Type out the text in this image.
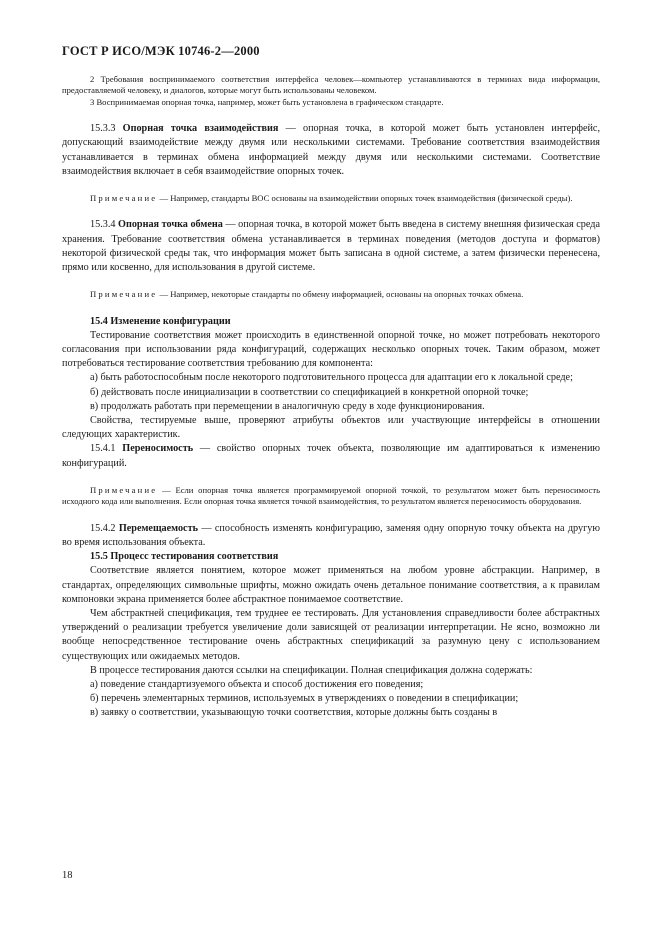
ГОСТ Р ИСО/МЭК 10746-2—2000

2 Требования воспринимаемого соответствия интерфейса человек—компьютер устанавливаются в терминах вида информации, предоставляемой человеку, и диалогов, которые могут быть использованы человеком.

3 Воспринимаемая опорная точка, например, может быть установлена в графическом стандарте.

15.3.3 Опорная точка взаимодействия — опорная точка, в которой может быть установлен интерфейс, допускающий взаимодействие между двумя или несколькими системами. Требование соответствия взаимодействия устанавливается в терминах обмена информацией между двумя или несколькими системами. Соответствие взаимодействия включает в себя взаимодействие опорных точек.

Примечание — Например, стандарты ВОС основаны на взаимодействии опорных точек взаимодействия (физической среды).

15.3.4 Опорная точка обмена — опорная точка, в которой может быть введена в систему внешняя физическая среда хранения. Требование соответствия обмена устанавливается в терминах поведения (методов доступа и форматов) некоторой физической среды так, что информация может быть записана в одной системе, а затем физически перенесена, прямо или косвенно, для использования в другой системе.

Примечание — Например, некоторые стандарты по обмену информацией, основаны на опорных точках обмена.

15.4 Изменение конфигурации

Тестирование соответствия может происходить в единственной опорной точке, но может потребовать некоторого согласования при использовании ряда конфигураций, содержащих несколько опорных точек. Таким образом, может потребоваться тестирование соответствия требованию для компонента:

а) быть работоспособным после некоторого подготовительного процесса для адаптации его к локальной среде;

б) действовать после инициализации в соответствии со спецификацией в конкретной опорной точке;

в) продолжать работать при перемещении в аналогичную среду в ходе функционирования.

Свойства, тестируемые выше, проверяют атрибуты объектов или участвующие интерфейсы в отношении следующих характеристик.

15.4.1 Переносимость — свойство опорных точек объекта, позволяющие им адаптироваться к изменению конфигураций.

Примечание — Если опорная точка является программируемой опорной точкой, то результатом может быть переносимость исходного кода или выполнения. Если опорная точка является точкой взаимодействия, то результатом является переносимость оборудования.

15.4.2 Перемещаемость — способность изменять конфигурацию, заменяя одну опорную точку объекта на другую во время использования объекта.

15.5 Процесс тестирования соответствия

Соответствие является понятием, которое может применяться на любом уровне абстракции. Например, в стандартах, определяющих символьные шрифты, можно ожидать очень детальное понимание соответствия, а к правилам компоновки экрана применяется более абстрактное понимаемое соответствие.

Чем абстрактней спецификация, тем труднее ее тестировать. Для установления справедливости более абстрактных утверждений о реализации требуется увеличение доли зависящей от реализации интерпретации. Не ясно, возможно ли вообще непосредственное тестирование очень абстрактных спецификаций за разумную цену с использованием существующих или ожидаемых методов.

В процессе тестирования даются ссылки на спецификации. Полная спецификация должна содержать:

а) поведение стандартизуемого объекта и способ достижения его поведения;

б) перечень элементарных терминов, используемых в утверждениях о поведении в спецификации;

в) заявку о соответствии, указывающую точки соответствия, которые должны быть созданы в

18
